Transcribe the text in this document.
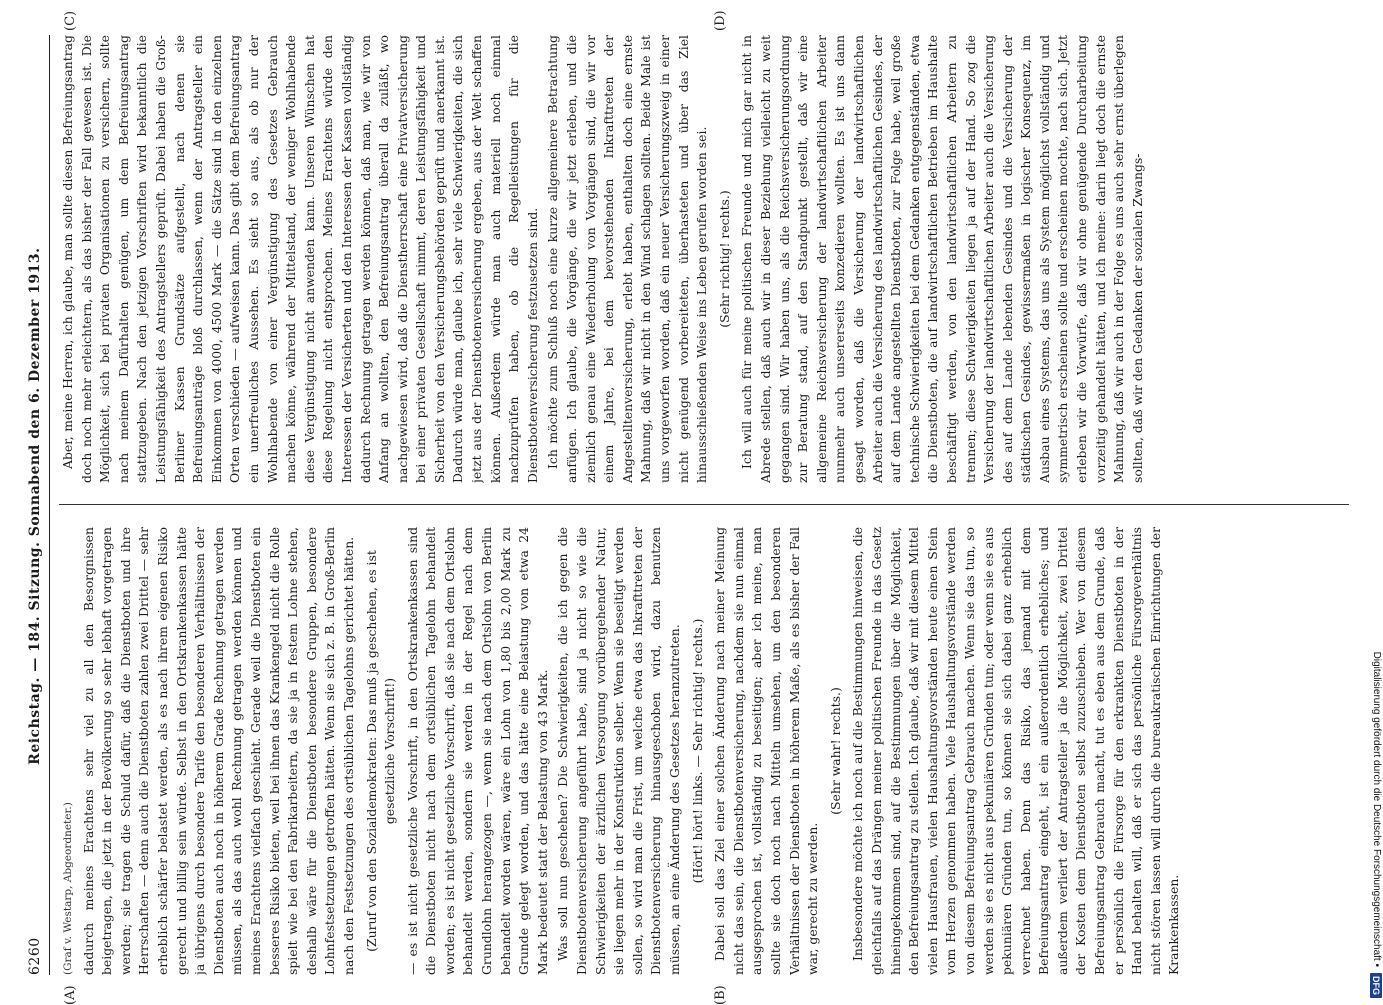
6260
Reichstag. — 184. Sitzung. Sonnabend den 6. Dezember 1913.
(A)	(B)
(C)	(D)

(Graf v. Westarp, Abgeordneter.) dadurch meines Erachtens sehr viel zu all den Besorgnissen beigetragen, die jetzt in der Bevölkerung so sehr lebhaft vorgetragen werden; sie tragen die Schuld dafür, daß die Dienstboten und ihre Herrschaften — denn auch die Dienstboten zahlen zwei Drittel — sehr erheblich schärfer belastet werden, als es nach ihrem eigenen Risiko gerecht und billig sein würde. Selbst in den Ortskrankenkassen hätte ja übrigens durch besondere Tarife den besonderen Verhältnissen der Dienstboten auch noch in höherem Grade Rechnung getragen werden müssen, als das auch wohl Rechnung getragen werden können und meines Erachtens vielfach geschieht. Gerade weil die Dienstboten ein besseres Risiko bieten, weil bei ihnen das Krankengeld nicht die Rolle spielt wie bei den Fabrikarbeitern, da sie ja in festem Lohne stehen, deshalb wäre für die Dienstboten besondere Gruppen, besondere Lohnfestsetzungen getroffen hätten. Wenn sie sich z. B. in Groß-Berlin nach den Festsetzungen des ortsüblichen Tagelohns gerichtet hätten. (Zuruf von den Sozialdemokraten: Das muß ja geschehen, es ist gesetzliche Vorschrift!) — es ist nicht gesetzliche Vorschrift, in den Ortskrankenkassen sind die Dienstboten nicht nach dem ortsüblichen Tagelohn behandelt worden; es ist nicht gesetzliche Vorschrift, daß sie nach dem Ortslohn behandelt werden, sondern sie werden in der Regel nach dem Grundlohn herangezogen —, wenn sie nach dem Ortslohn von Berlin behandelt worden wären, wäre ein Lohn von 1,80 bis 2,00 Mark zu Grunde gelegt worden, und das hätte eine Belastung von etwa 24 Mark bedeutet statt der Belastung von 43 Mark. Was soll nun geschehen? Die Schwierigkeiten, die ich gegen die Dienstbotenversicherung angeführt habe, sind ja nicht so wie die Schwierigkeiten der ärztlichen Versorgung vorübergehender Natur, sie liegen mehr in der Konstruktion selber. Wenn sie beseitigt werden sollen, so wird man die Frist, um welche etwa das Inkrafttreten der Dienstbotenversicherung hinausgeschoben wird, dazu benutzen müssen, an eine Änderung des Gesetzes heranzutreten. (Hört! hört! links. — Sehr richtig! rechts.) Dabei soll das Ziel einer solchen Änderung nach meiner Meinung nicht das sein, die Dienstbotenversicherung, nachdem sie nun einmal ausgesprochen ist, vollständig zu beseitigen; aber ich meine, man sollte sie doch noch nach Mitteln umsehen, um den besonderen Verhältnissen der Dienstboten in höherem Maße, als es bisher der Fall war, gerecht zu werden.

(Sehr wahr! rechts.) Insbesondere möchte ich noch auf die Bestimmungen hinweisen, die gleichfalls auf das Drängen meiner politischen Freunde in das Gesetz hineingekommen sind, auf die Bestimmungen über die Möglichkeit, den Befreiungsantrag zu stellen. Ich glaube, daß wir mit diesem Mittel vielen Hausfrauen, vielen Haushaltungsvorständen heute einen Stein vom Herzen genommen haben. Viele Haushaltungsvorstände werden von diesem Befreiungsantrag Gebrauch machen. Wenn sie das tun, so werden sie es nicht aus pekuniären Gründen tun; oder wenn sie es aus pekuniären Gründen tun, so können sie sich dabei ganz erheblich verrechnet haben. Denn das Risiko, das jemand mit dem Befreiungsantrag eingeht, ist ein außerordentlich erhebliches; und außerdem verliert der Antragsteller ja die Möglichkeit, zwei Drittel der Kosten dem Dienstboten selbst zuzuschieben. Wer von diesem Befreiungsantrag Gebrauch macht, tut es eben aus dem Grunde, daß er persönlich die Fürsorge für den erkrankten Dienstboten in der Hand behalten will, daß er sich das persönliche Fürsorgeverhältnis nicht stören lassen will durch die bureaukratischen Einrichtungen der Krankenkassen.

Aber, meine Herren, ich glaube, man sollte diesen Befreiungsantrag doch noch mehr erleichtern, als das bisher der Fall gewesen ist. Die Möglichkeit, sich bei privaten Organisationen zu versichern, sollte nach meinem Dafürhalten genügen, um dem Befreiungsantrag stattzugeben. Nach den jetzigen Vorschriften wird bekanntlich die Leistungsfähigkeit des Antragstellers geprüft. Dabei haben die Groß-Berliner Kassen Grundsätze aufgestellt, nach denen sie Befreiungsanträge bloß durchlassen, wenn der Antragsteller ein Einkommen von 4000, 4500 Mark — die Sätze sind in den einzelnen Orten verschieden — aufweisen kann. Das gibt dem Befreiungsantrag ein unerfreuliches Aussehen. Es sieht so aus, als ob nur der Wohlhabende von einer Vergünstigung des Gesetzes Gebrauch machen könne, während der Mittelstand, der weniger Wohlhabende diese Vergünstigung nicht anwenden kann. Unseren Wünschen hat diese Regelung nicht entsprochen. Meines Erachtens würde den Interessen der Versicherten und den Interessen der Kassen vollständig dadurch Rechnung getragen werden können, daß man, wie wir von Anfang an wollten, den Befreiungsantrag überall da zuläßt, wo nachgewiesen wird, daß die Dienstherrschaft eine Privatversicherung bei einer privaten Gesellschaft nimmt, deren Leistungsfähigkeit und Sicherheit von den Versicherungsbehörden geprüft und anerkannt ist. Dadurch würde man, glaube ich, sehr viele Schwierigkeiten, die sich jetzt aus der Dienstbotenversicherung ergeben, aus der Welt schaffen können. Außerdem würde man auch materiell noch einmal nachzuprüfen haben, ob die Regelleistungen für die Dienstbotenversicherung festzusetzen sind. Ich möchte zum Schluß noch eine kurze allgemeinere Betrachtung anfügen. Ich glaube, die Vorgänge, die wir jetzt erleben, und die ziemlich genau eine Wiederholung von Vorgängen sind, die wir vor einem Jahre, bei dem bevorstehenden Inkrafttreten der Angestelltenversicherung, erlebt haben, enthalten doch eine ernste Mahnung, daß wir nicht in den Wind schlagen sollten. Beide Male ist uns vorgeworfen worden, daß ein neuer Versicherungszweig in einer nicht genügend vorbereiteten, überhasteten und über das Ziel hinausschießenden Weise ins Leben gerufen worden sei. (Sehr richtig! rechts.) Ich will auch für meine politischen Freunde und mich gar nicht in Abrede stellen, daß auch wir in dieser Beziehung vielleicht zu weit gegangen sind. Wir haben uns, als die Reichsversicherungsordnung zur Beratung stand, auf den Standpunkt gestellt, daß wir eine allgemeine Reichsversicherung der landwirtschaftlichen Arbeiter nunmehr auch unsererseits konzedieren wollten. Es ist uns dann gesagt worden, daß die Versicherung der landwirtschaftlichen Arbeiter auch die Versicherung des landwirtschaftlichen Gesindes, der auf dem Lande angestellten Dienstboten, zur Folge habe, weil große technische Schwierigkeiten bei dem Gedanken entgegenständen, etwa die Dienstboten, die auf landwirtschaftlichen Betrieben im Haushalte beschäftigt werden, von den landwirtschaftlichen Arbeitern zu trennen; diese Schwierigkeiten liegen ja auf der Hand. So zog die Versicherung der landwirtschaftlichen Arbeiter auch die Versicherung des auf dem Lande lebenden Gesindes und die Versicherung der städtischen Gesindes, gewissermaßen in logischer Konsequenz, im Ausbau eines Systems, das uns als System möglichst vollständig und symmetrisch erscheinen sollte und erscheinen mochte, nach sich. Jetzt erleben wir die Vorwürfe, daß wir ohne genügende Durcharbeitung vorzeitig gehandelt hätten, und ich meine: darin liegt doch die ernste Mahnung, daß wir auch in der Folge es uns auch sehr ernst überlegen sollten, daß wir den Gedanken der sozialen Zwangs-

Digitalisierung gefördert durch die Deutsche Forschungsgemeinschaft •
DFG
